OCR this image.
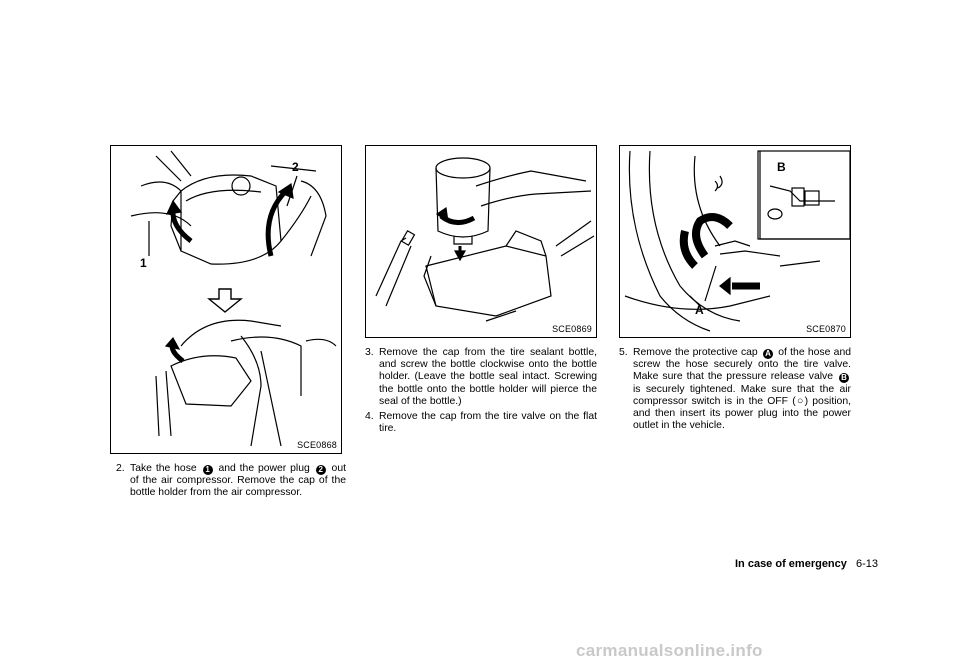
1
2
SCE0868
SCE0869
B
A
SCE0870

2. Take the hose 1 and the power plug 2 out of the air compressor. Remove the cap of the bottle holder from the air compressor.

3. Remove the cap from the tire sealant bottle, and screw the bottle clockwise onto the bottle holder. (Leave the bottle seal intact. Screwing the bottle onto the bottle holder will pierce the seal of the bottle.)

4. Remove the cap from the tire valve on the flat tire.

5. Remove the protective cap A of the hose and screw the hose securely onto the tire valve. Make sure that the pressure release valve B is securely tightened. Make sure that the air compressor switch is in the OFF (○) position, and then insert its power plug into the power outlet in the vehicle.

In case of emergency 6-13
carmanualsonline.info
